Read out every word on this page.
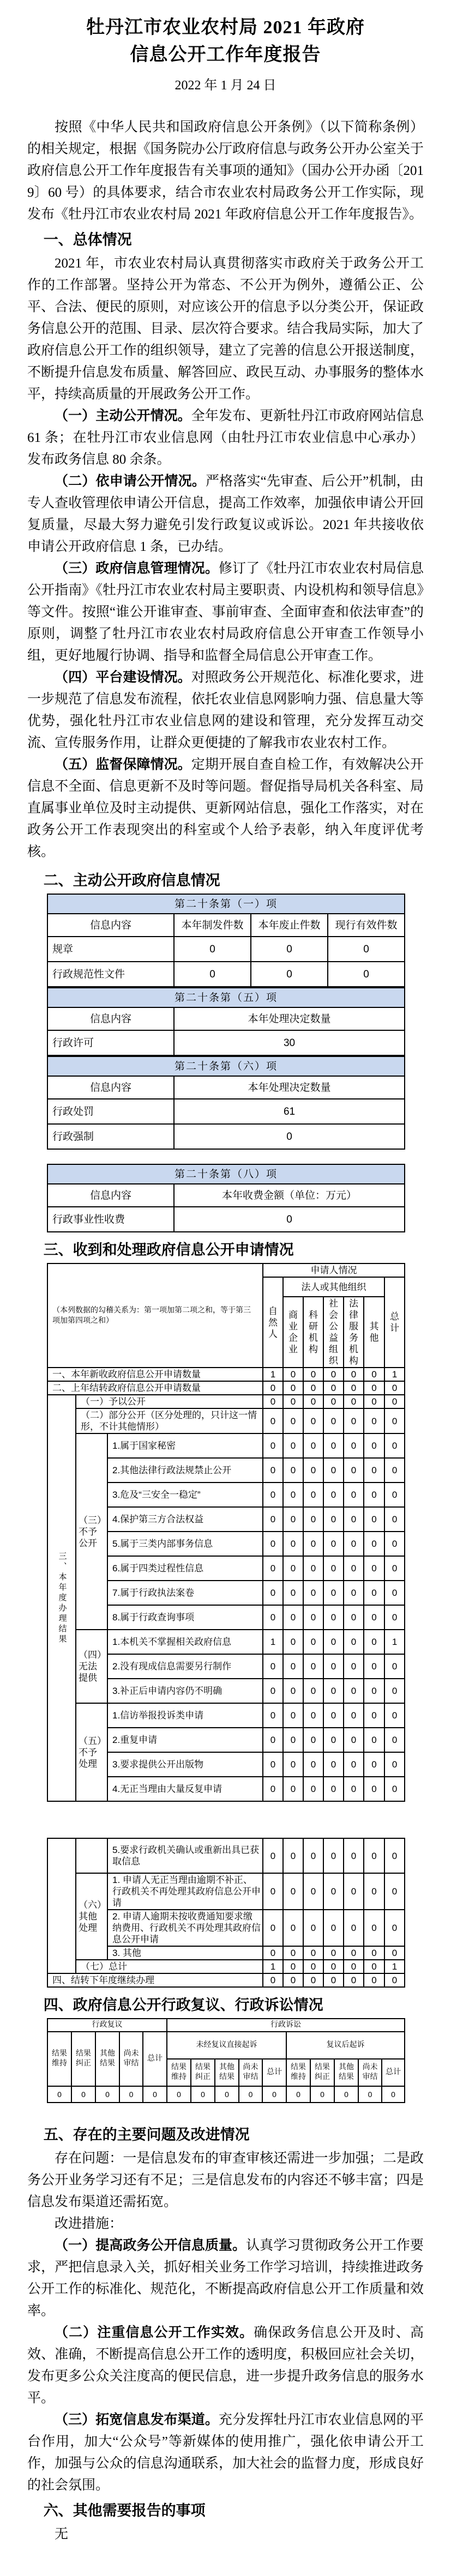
牡丹江市农业农村局 2021 年政府
信息公开工作年度报告
2022 年 1 月 24 日

按照《中华人民共和国政府信息公开条例》（以下简称条例）的相关规定，根据《国务院办公厅政府信息与政务公开办公室关于政府信息公开工作年度报告有关事项的通知》（国办公开办函〔2019〕60 号）的具体要求，结合市农业农村局政务公开工作实际，现发布《牡丹江市农业农村局 2021 年政府信息公开工作年度报告》。

一、总体情况

2021 年，市农业农村局认真贯彻落实市政府关于政务公开工作的工作部署。坚持公开为常态、不公开为例外，遵循公正、公平、合法、便民的原则，对应该公开的信息予以分类公开，保证政务信息公开的范围、目录、层次符合要求。结合我局实际，加大了政府信息公开工作的组织领导，建立了完善的信息公开报送制度，不断提升信息发布质量、解答回应、政民互动、办事服务的整体水平，持续高质量的开展政务公开工作。

（一）主动公开情况。全年发布、更新牡丹江市政府网站信息 61 条；在牡丹江市农业信息网（由牡丹江市农业信息中心承办）发布政务信息 80 余条。

（二）依申请公开情况。严格落实“先审查、后公开”机制，由专人查收管理依申请公开信息，提高工作效率，加强依申请公开回复质量，尽最大努力避免引发行政复议或诉讼。2021 年共接收依申请公开政府信息 1 条，已办结。

（三）政府信息管理情况。修订了《牡丹江市农业农村局信息公开指南》《牡丹江市农业农村局主要职责、内设机构和领导信息》等文件。按照“谁公开谁审查、事前审查、全面审查和依法审查”的原则，调整了牡丹江市农业农村局政府信息公开审查工作领导小组，更好地履行协调、指导和监督全局信息公开审查工作。

（四）平台建设情况。对照政务公开规范化、标准化要求，进一步规范了信息发布流程，依托农业信息网影响力强、信息量大等优势，强化牡丹江市农业信息网的建设和管理，充分发挥互动交流、宣传服务作用，让群众更便捷的了解我市农业农村工作。

（五）监督保障情况。定期开展自查自检工作，有效解决公开信息不全面、信息更新不及时等问题。督促指导局机关各科室、局直属事业单位及时主动提供、更新网站信息，强化工作落实，对在政务公开工作表现突出的科室或个人给予表彰，纳入年度评优考核。

二、主动公开政府信息情况
第二十条第（一）项			
信息内容	本年制发件数	本年废止件数	现行有效件数
规章	0	0	0
行政规范性文件	0	0	0
第二十条第（五）项	
信息内容	本年处理决定数量
行政许可	30
第二十条第（六）项	
信息内容	本年处理决定数量
行政处罚	61
行政强制	0
第二十条第（八）项	
信息内容	本年收费金额（单位：万元）
行政事业性收费	0
三、收到和处理政府信息公开申请情况
（本列数据的勾稽关系为：第一项加第二项之和，等于第三项加第四项之和）			申请人情况						
			自然人	法人或其他组织					总计
				商业企业	科研机构	社会公益组织	法律服务机构	其他	
一、本年新收政府信息公开申请数量			1	0	0	0	0	0	1
二、上年结转政府信息公开申请数量			0	0	0	0	0	0	0
三、本年度办理结果	（一）予以公开		0	0	0	0	0	0	0
	（二）部分公开（区分处理的，只计这一情形，不计其他情形）		0	0	0	0	0	0	0
	（三）不予公开	1.属于国家秘密	0	0	0	0	0	0	0
		2.其他法律行政法规禁止公开	0	0	0	0	0	0	0
		3.危及“三安全一稳定”	0	0	0	0	0	0	0
		4.保护第三方合法权益	0	0	0	0	0	0	0
		5.属于三类内部事务信息	0	0	0	0	0	0	0
		6.属于四类过程性信息	0	0	0	0	0	0	0
		7.属于行政执法案卷	0	0	0	0	0	0	0
		8.属于行政查询事项	0	0	0	0	0	0	0
	（四）无法提供	1.本机关不掌握相关政府信息	1	0	0	0	0	0	1
		2.没有现成信息需要另行制作	0	0	0	0	0	0	0
		3.补正后申请内容仍不明确	0	0	0	0	0	0	0
	（五）不予处理	1.信访举报投诉类申请	0	0	0	0	0	0	0
		2.重复申请	0	0	0	0	0	0	0
		3.要求提供公开出版物	0	0	0	0	0	0	0
		4.无正当理由大量反复申请	0	0	0	0	0	0	0
		5.要求行政机关确认或重新出具已获取信息	0	0	0	0	0	0	0
	（六）其他处理	1. 申请人无正当理由逾期不补正、行政机关不再处理其政府信息公开申请	0	0	0	0	0	0	0
		2. 申请人逾期未按收费通知要求缴纳费用、行政机关不再处理其政府信息公开申请	0	0	0	0	0	0	0
		3. 其他	0	0	0	0	0	0	0
	（七）总计		1	0	0	0	0	0	1
四、结转下年度继续办理			0	0	0	0	0	0	0
四、政府信息公开行政复议、行政诉讼情况
行政复议					行政诉讼									
结果维持	结果纠正	其他结果	尚未审结	总计	未经复议直接起诉					复议后起诉				
					结果维持	结果纠正	其他结果	尚未审结	总计	结果维持	结果纠正	其他结果	尚未审结	总计
0	0	0	0	0	0	0	0	0	0	0	0	0	0	0
五、存在的主要问题及改进情况

存在问题：一是信息发布的审查审核还需进一步加强；二是政务公开业务学习还有不足；三是信息发布的内容还不够丰富；四是信息发布渠道还需拓宽。

改进措施：

（一）提高政务公开信息质量。认真学习贯彻政务公开工作要求，严把信息录入关，抓好相关业务工作学习培训，持续推进政务公开工作的标准化、规范化，不断提高政府信息公开工作质量和效率。

（二）注重信息公开工作实效。确保政务信息公开及时、高效、准确，不断提高信息公开工作的透明度，积极回应社会关切，发布更多公众关注度高的便民信息，进一步提升政务信息的服务水平。

（三）拓宽信息发布渠道。充分发挥牡丹江市农业信息网的平台作用，加大“公众号”等新媒体的使用推广，强化依申请公开工作，加强与公众的信息沟通联系，加大社会的监督力度，形成良好的社会氛围。

六、其他需要报告的事项

无
